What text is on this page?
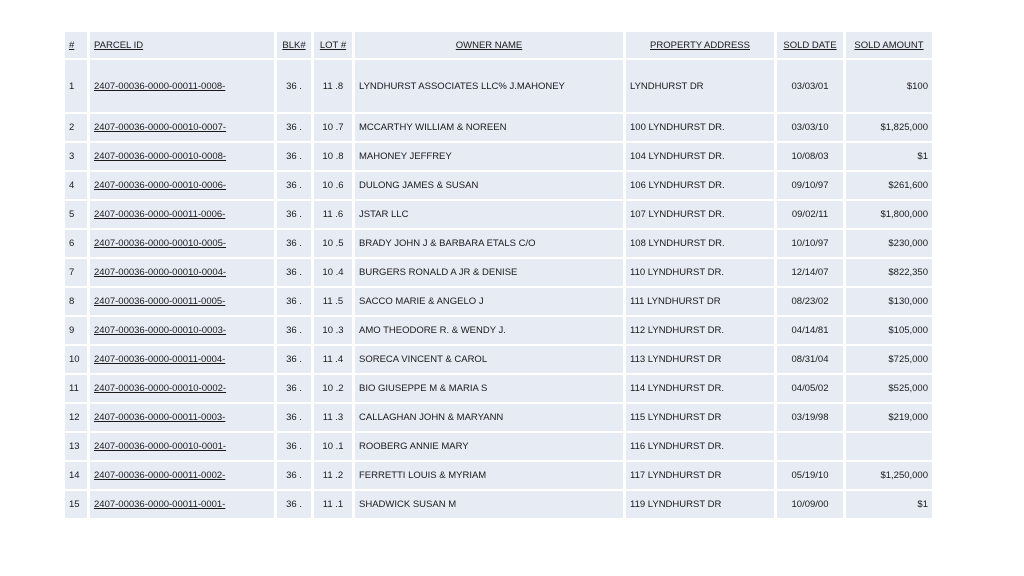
#	PARCEL ID	BLK#	LOT #	OWNER NAME	PROPERTY ADDRESS	SOLD DATE	SOLD AMOUNT
1	2407-00036-0000-00011-0008-	36 .	11 .8	LYNDHURST ASSOCIATES LLC% J.MAHONEY	LYNDHURST DR	03/03/01	$100
2	2407-00036-0000-00010-0007-	36 .	10 .7	MCCARTHY WILLIAM & NOREEN	100 LYNDHURST DR.	03/03/10	$1,825,000
3	2407-00036-0000-00010-0008-	36 .	10 .8	MAHONEY JEFFREY	104 LYNDHURST DR.	10/08/03	$1
4	2407-00036-0000-00010-0006-	36 .	10 .6	DULONG JAMES & SUSAN	106 LYNDHURST DR.	09/10/97	$261,600
5	2407-00036-0000-00011-0006-	36 .	11 .6	JSTAR LLC	107 LYNDHURST DR.	09/02/11	$1,800,000
6	2407-00036-0000-00010-0005-	36 .	10 .5	BRADY JOHN J & BARBARA ETALS C/O	108 LYNDHURST DR.	10/10/97	$230,000
7	2407-00036-0000-00010-0004-	36 .	10 .4	BURGERS RONALD A JR & DENISE	110 LYNDHURST DR.	12/14/07	$822,350
8	2407-00036-0000-00011-0005-	36 .	11 .5	SACCO MARIE & ANGELO J	111 LYNDHURST DR	08/23/02	$130,000
9	2407-00036-0000-00010-0003-	36 .	10 .3	AMO THEODORE R. & WENDY J.	112 LYNDHURST DR.	04/14/81	$105,000
10	2407-00036-0000-00011-0004-	36 .	11 .4	SORECA VINCENT & CAROL	113 LYNDHURST DR	08/31/04	$725,000
11	2407-00036-0000-00010-0002-	36 .	10 .2	BIO GIUSEPPE M & MARIA S	114 LYNDHURST DR.	04/05/02	$525,000
12	2407-00036-0000-00011-0003-	36 .	11 .3	CALLAGHAN JOHN & MARYANN	115 LYNDHURST DR	03/19/98	$219,000
13	2407-00036-0000-00010-0001-	36 .	10 .1	ROOBERG ANNIE MARY	116 LYNDHURST DR.		
14	2407-00036-0000-00011-0002-	36 .	11 .2	FERRETTI LOUIS & MYRIAM	117 LYNDHURST DR	05/19/10	$1,250,000
15	2407-00036-0000-00011-0001-	36 .	11 .1	SHADWICK SUSAN M	119 LYNDHURST DR	10/09/00	$1
